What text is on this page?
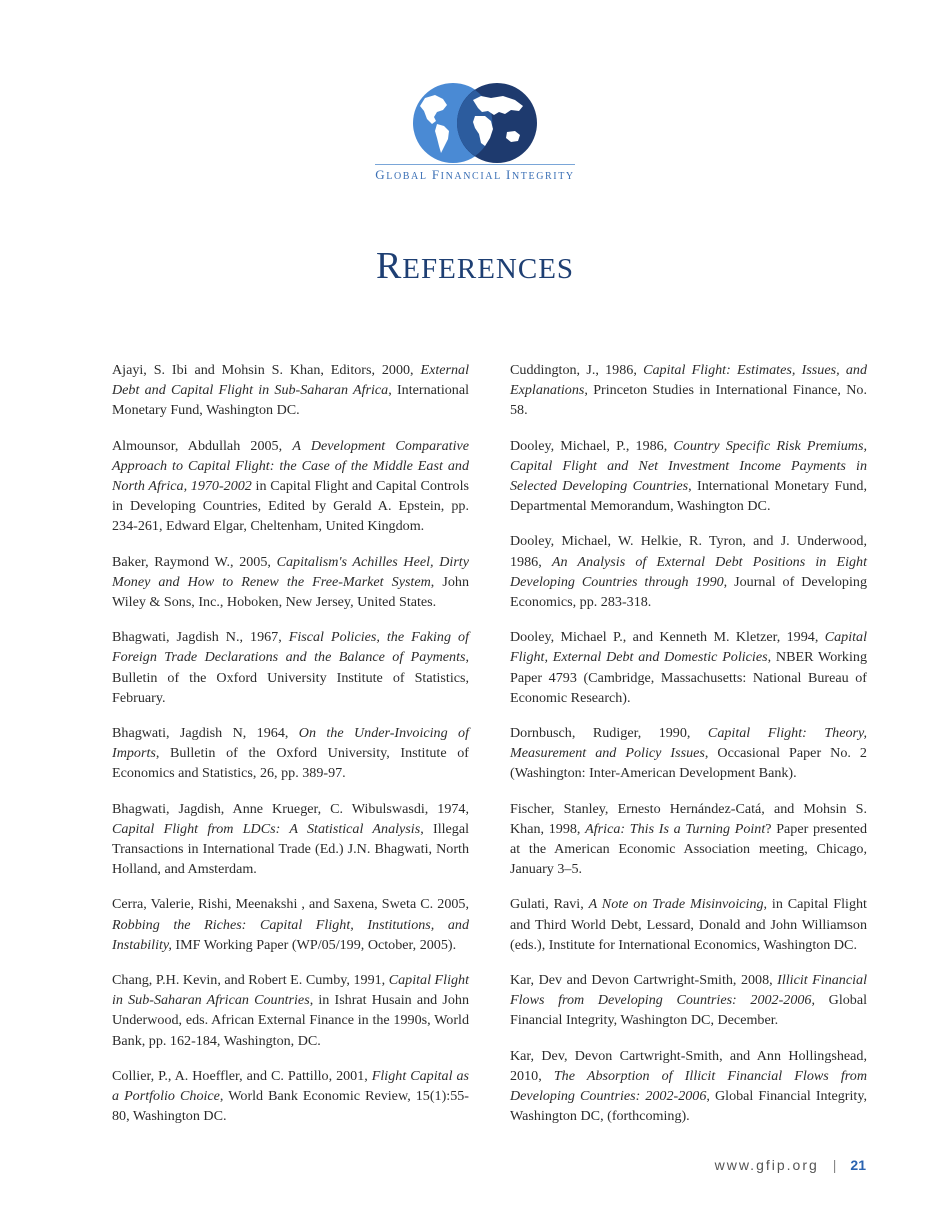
GLOBAL FINANCIAL INTEGRITY
REFERENCES

Ajayi, S. Ibi and Mohsin S. Khan, Editors, 2000, External Debt and Capital Flight in Sub-Saharan Africa, International Monetary Fund, Washington DC.

Almounsor, Abdullah 2005, A Development Comparative Approach to Capital Flight: the Case of the Middle East and North Africa, 1970-2002 in Capital Flight and Capital Controls in Developing Countries, Edited by Gerald A. Epstein, pp. 234-261, Edward Elgar, Cheltenham, United Kingdom.

Baker, Raymond W., 2005, Capitalism's Achilles Heel, Dirty Money and How to Renew the Free-Market System, John Wiley & Sons, Inc., Hoboken, New Jersey, United States.

Bhagwati, Jagdish N., 1967, Fiscal Policies, the Faking of Foreign Trade Declarations and the Balance of Payments, Bulletin of the Oxford University Institute of Statistics, February.

Bhagwati, Jagdish N, 1964, On the Under-Invoicing of Imports, Bulletin of the Oxford University, Institute of Economics and Statistics, 26, pp. 389-97.

Bhagwati, Jagdish, Anne Krueger, C. Wibulswasdi, 1974, Capital Flight from LDCs: A Statistical Analysis, Illegal Transactions in International Trade (Ed.) J.N. Bhagwati, North Holland, and Amsterdam.

Cerra, Valerie, Rishi, Meenakshi , and Saxena, Sweta C. 2005, Robbing the Riches: Capital Flight, Institutions, and Instability, IMF Working Paper (WP/05/199, October, 2005).

Chang, P.H. Kevin, and Robert E. Cumby, 1991, Capital Flight in Sub-Saharan African Countries, in Ishrat Husain and John Underwood, eds. African External Finance in the 1990s, World Bank, pp. 162-184, Washington, DC.

Collier, P., A. Hoeffler, and C. Pattillo, 2001, Flight Capital as a Portfolio Choice, World Bank Economic Review, 15(1):55-80, Washington DC.

Cuddington, J., 1986, Capital Flight: Estimates, Issues, and Explanations, Princeton Studies in International Finance, No. 58.

Dooley, Michael, P., 1986, Country Specific Risk Premiums, Capital Flight and Net Investment Income Payments in Selected Developing Countries, International Monetary Fund, Departmental Memorandum, Washington DC.

Dooley, Michael, W. Helkie, R. Tyron, and J. Underwood, 1986, An Analysis of External Debt Positions in Eight Developing Countries through 1990, Journal of Developing Economics, pp. 283-318.

Dooley, Michael P., and Kenneth M. Kletzer, 1994, Capital Flight, External Debt and Domestic Policies, NBER Working Paper 4793 (Cambridge, Massachusetts: National Bureau of Economic Research).

Dornbusch, Rudiger, 1990, Capital Flight: Theory, Measurement and Policy Issues, Occasional Paper No. 2 (Washington: Inter-American Development Bank).

Fischer, Stanley, Ernesto Hernández-Catá, and Mohsin S. Khan, 1998, Africa: This Is a Turning Point? Paper presented at the American Economic Association meeting, Chicago, January 3–5.

Gulati, Ravi, A Note on Trade Misinvoicing, in Capital Flight and Third World Debt, Lessard, Donald and John Williamson (eds.), Institute for International Economics, Washington DC.

Kar, Dev and Devon Cartwright-Smith, 2008, Illicit Financial Flows from Developing Countries: 2002-2006, Global Financial Integrity, Washington DC, December.

Kar, Dev, Devon Cartwright-Smith, and Ann Hollingshead, 2010, The Absorption of Illicit Financial Flows from Developing Countries: 2002-2006, Global Financial Integrity, Washington DC, (forthcoming).

www.gfip.org | 21
